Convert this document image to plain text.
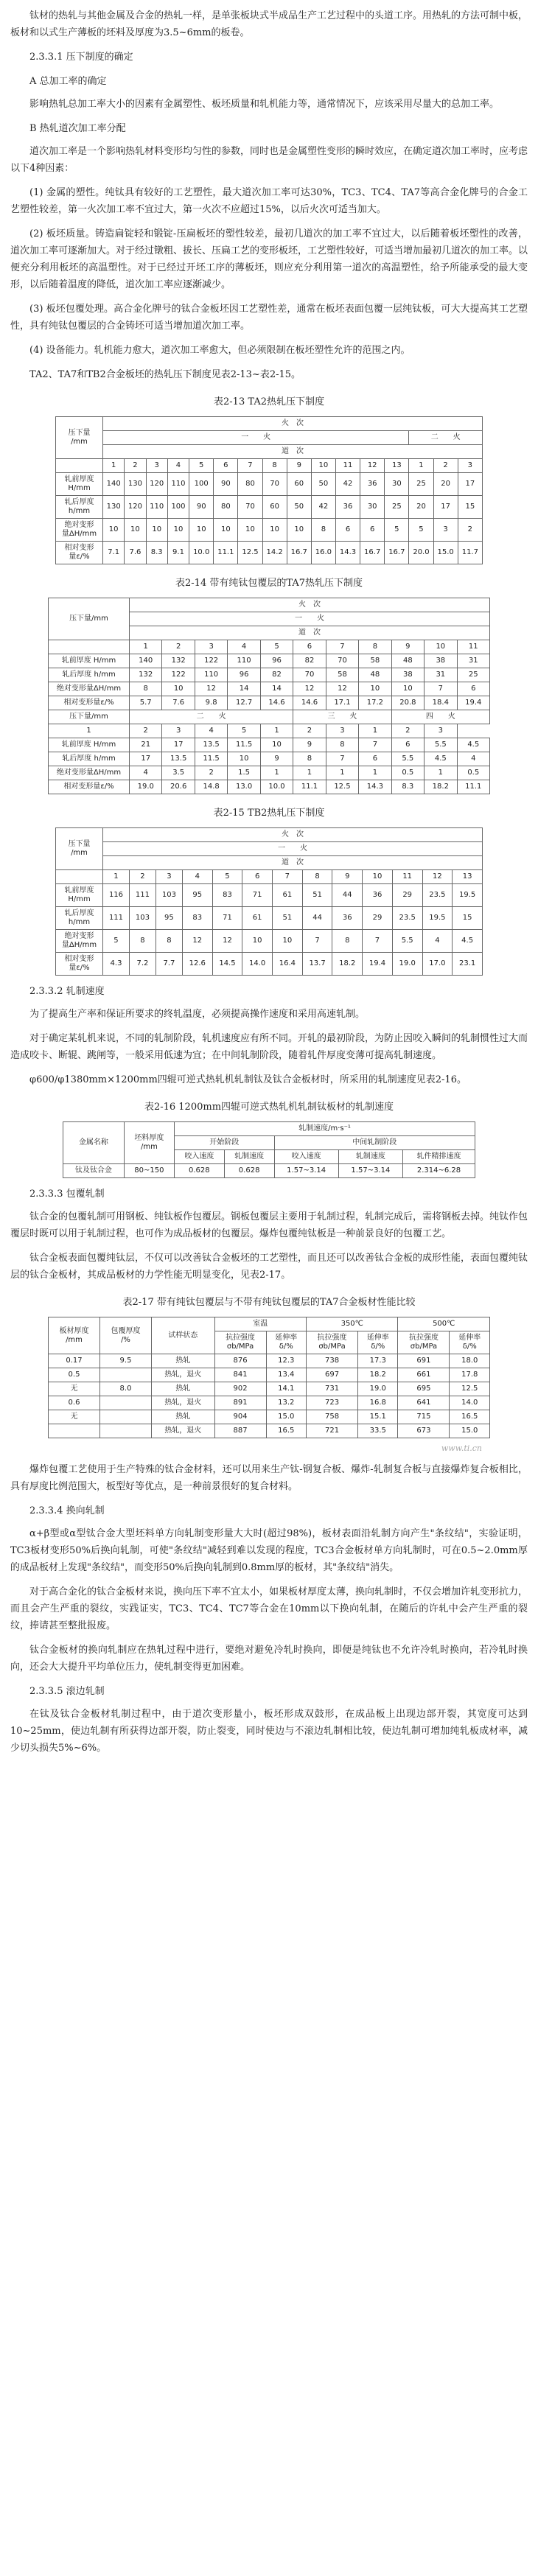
钛材的热轧与其他金属及合金的热轧一样，是单张板块式半成品生产工艺过程中的头道工序。用热轧的方法可制中板，板材和以式生产薄板的坯料及厚度为3.5~6mm的板卷。

2.3.3.1 压下制度的确定

A 总加工率的确定

影响热轧总加工率大小的因素有金属塑性、板坯质量和轧机能力等，通常情况下，应该采用尽量大的总加工率。

B 热轧道次加工率分配

道次加工率是一个影响热轧材料变形均匀性的参数，同时也是金属塑性变形的瞬时效应，在确定道次加工率时，应考虑以下4种因素：

(1) 金属的塑性。纯钛具有较好的工艺塑性，最大道次加工率可达30%，TC3、TC4、TA7等高合金化牌号的合金工艺塑性较差，第一火次加工率不宜过大，第一火次不应超过15%，以后火次可适当加大。

(2) 板坯质量。铸造扁锭轻和锻锭-压扁板坯的塑性较差，最初几道次的加工率不宜过大，以后随着板坯塑性的改善，道次加工率可逐渐加大。对于经过镦粗、拔长、压扁工艺的变形板坯，工艺塑性较好，可适当增加最初几道次的加工率。以便充分利用板坯的高温塑性。对于已经过开坯工序的薄板坯，则应充分利用第一道次的高温塑性，给予所能承受的最大变形，以后随着温度的降低，道次加工率应逐渐减少。

(3) 板坯包覆处理。高合金化牌号的钛合金板坯因工艺塑性差，通常在板坯表面包覆一层纯钛板，可大大提高其工艺塑性，具有纯钛包覆层的合金铸坯可适当增加道次加工率。

(4) 设备能力。轧机能力愈大，道次加工率愈大，但必须限制在板坯塑性允许的范围之内。

TA2、TA7和TB2合金板坯的热轧压下制度见表2-13~表2-15。

表2-13 TA2热轧压下制度
压下量
/mm	火　次															
	一　　火													二　　火		
	道　次															
	1	2	3	4	5	6	7	8	9	10	11	12	13	1	2	3
轧前厚度
H/mm	140	130	120	110	100	90	80	70	60	50	42	36	30	25	20	17
轧后厚度
h/mm	130	120	110	100	90	80	70	60	50	42	36	30	25	20	17	15
绝对变形
量ΔH/mm	10	10	10	10	10	10	10	10	10	8	6	6	5	5	3	2
相对变形
量ε/%	7.1	7.6	8.3	9.1	10.0	11.1	12.5	14.2	16.7	16.0	14.3	16.7	16.7	20.0	15.0	11.7
表2-14 带有纯钛包覆层的TA7热轧压下制度
压下量/mm	火　次										
	一　　火										
	道　次										
	1	2	3	4	5	6	7	8	9	10	11
轧前厚度 H/mm	140	132	122	110	96	82	70	58	48	38	31
轧后厚度 h/mm	132	122	110	96	82	70	58	48	38	31	25
绝对变形量ΔH/mm	8	10	12	14	14	12	12	10	10	7	6
相对变形量ε/%	5.7	7.6	9.8	12.7	14.6	14.6	17.1	17.2	20.8	18.4	19.4
压下量/mm	二　　火					三　　火			四　　火		
1	2	3	4	5	1	2	3	1	2	3	
轧前厚度 H/mm	21	17	13.5	11.5	10	9	8	7	6	5.5	4.5
轧后厚度 h/mm	17	13.5	11.5	10	9	8	7	6	5.5	4.5	4
绝对变形量ΔH/mm	4	3.5	2	1.5	1	1	1	1	0.5	1	0.5
相对变形量ε/%	19.0	20.6	14.8	13.0	10.0	11.1	12.5	14.3	8.3	18.2	11.1
表2-15 TB2热轧压下制度
压下量
/mm	火　次												
	一　　火												
	道　次												
	1	2	3	4	5	6	7	8	9	10	11	12	13
轧前厚度
H/mm	116	111	103	95	83	71	61	51	44	36	29	23.5	19.5
轧后厚度
h/mm	111	103	95	83	71	61	51	44	36	29	23.5	19.5	15
绝对变形
量ΔH/mm	5	8	8	12	12	10	10	7	8	7	5.5	4	4.5
相对变形
量ε/%	4.3	7.2	7.7	12.6	14.5	14.0	16.4	13.7	18.2	19.4	19.0	17.0	23.1

2.3.3.2 轧制速度

为了提高生产率和保证所要求的终轧温度，必须提高操作速度和采用高速轧制。

对于确定某轧机来说，不同的轧制阶段，轧机速度应有所不同。开轧的最初阶段，为防止因咬入瞬间的轧制惯性过大而造成咬卡、断辊、跳闸等，一般采用低速为宜；在中间轧制阶段，随着轧件厚度变薄可提高轧制速度。

φ600/φ1380mm×1200mm四辊可逆式热轧机轧制钛及钛合金板材时，所采用的轧制速度见表2-16。

表2-16 1200mm四辊可逆式热轧机轧制钛板材的轧制速度
金属名称	坯料厚度
/mm	轧制速度/m·s⁻¹				
		开始阶段		中间轧制阶段		
		咬入速度	轧制速度	咬入速度	轧制速度	轧件精排速度
钛及钛合金	80~150	0.628	0.628	1.57~3.14	1.57~3.14	2.314~6.28

2.3.3.3 包覆轧制

钛合金的包覆轧制可用钢板、纯钛板作包覆层。钢板包覆层主要用于轧制过程，轧制完成后，需将钢板去掉。纯钛作包覆层时既可以用于轧制过程，也可作为成品板材的包覆层。爆炸包覆纯钛板是一种前景良好的包覆工艺。

钛合金板表面包覆纯钛层，不仅可以改善钛合金板坯的工艺塑性，而且还可以改善钛合金板的成形性能，表面包覆纯钛层的钛合金板材，其成品板材的力学性能无明显变化，见表2-17。

表2-17 带有纯钛包覆层与不带有纯钛包覆层的TA7合金板材性能比较
板材厚度
/mm	包覆厚度
/%	试样状态	室温		350℃		500℃	
			抗拉强度
σb/MPa	延伸率
δ/%	抗拉强度
σb/MPa	延伸率
δ/%	抗拉强度
σb/MPa	延伸率
δ/%
0.17	9.5	热轧	876	12.3	738	17.3	691	18.0
0.5		热轧，退火	841	13.4	697	18.2	661	17.8
无	8.0	热轧	902	14.1	731	19.0	695	12.5
0.6		热轧，退火	891	13.2	723	16.8	641	14.0
无		热轧	904	15.0	758	15.1	715	16.5
		热轧，退火	887	16.5	721	33.5	673	15.0
www.ti.cn

爆炸包覆工艺使用于生产特殊的钛合金材料，还可以用来生产钛-钢复合板、爆炸-轧制复合板与直接爆炸复合板相比，具有厚度比例范围大，板型好等优点，是一种前景很好的复合材料。

2.3.3.4 换向轧制

α+β型或α型钛合金大型坯料单方向轧制变形量大大时(超过98%)，板材表面沿轧制方向产生"条纹结"，实验证明，TC3板材变形50%后换向轧制，可使"条纹结"减轻到难以发现的程度，TC3合金板材单方向轧制时，可在0.5~2.0mm厚的成品板材上发现"条纹结"，而变形50%后换向轧制到0.8mm厚的板材，其"条纹结"消失。

对于高合金化的钛合金板材来说，换向压下率不宜太小，如果板材厚度太薄，换向轧制时，不仅会增加许轧变形抗力，而且会产生严重的裂纹，实践证实，TC3、TC4、TC7等合金在10mm以下换向轧制，在随后的许轧中会产生严重的裂纹，捧请甚至整批报废。

钛合金板材的换向轧制应在热轧过程中进行，要绝对避免冷轧时换向，即便是纯钛也不允许冷轧时换向，若冷轧时换向，还会大大提升平均单位压力，使轧制变得更加困难。

2.3.3.5 滚边轧制

在钛及钛合金板材轧制过程中，由于道次变形量小，板坯形成双鼓形，在成品板上出现边部开裂，其宽度可达到10~25mm，使边轧制有所获得边部开裂，防止裂变，同时使边与不滚边轧制相比较，使边轧制可增加纯轧板成材率，减少切头损失5%~6%。
